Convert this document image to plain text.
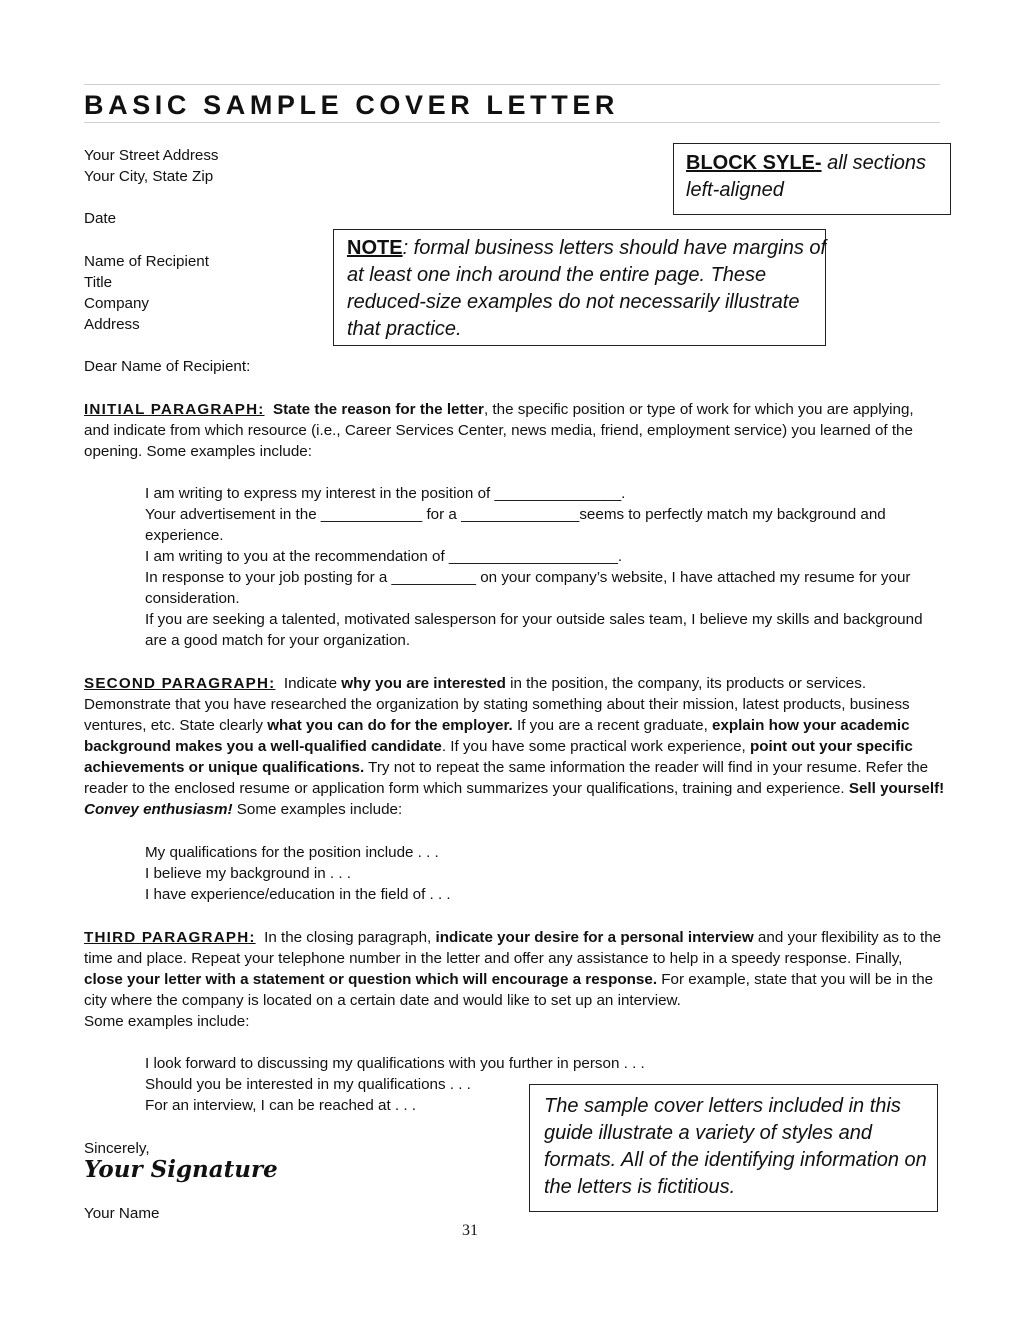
BASIC SAMPLE COVER LETTER
Your Street Address
Your City, State Zip
Date
Name of Recipient
Title
Company
Address
Dear Name of Recipient:
BLOCK SYLE- all sections
left-aligned
NOTE: formal business letters should have margins of
at least one inch around the entire page. These
reduced-size examples do not necessarily illustrate
that practice.
INITIAL PARAGRAPH: State the reason for the letter, the specific position or type of work for which you are applying,
and indicate from which resource (i.e., Career Services Center, news media, friend, employment service) you learned of the
opening. Some examples include:
I am writing to express my interest in the position of _______________.
Your advertisement in the ____________ for a ______________seems to perfectly match my background and
experience.
I am writing to you at the recommendation of ____________________.
In response to your job posting for a __________ on your company’s website, I have attached my resume for your
consideration.
If you are seeking a talented, motivated salesperson for your outside sales team, I believe my skills and background
are a good match for your organization.
SECOND PARAGRAPH: Indicate why you are interested in the position, the company, its products or services.
Demonstrate that you have researched the organization by stating something about their mission, latest products, business
ventures, etc. State clearly what you can do for the employer. If you are a recent graduate, explain how your academic
background makes you a well-qualified candidate. If you have some practical work experience, point out your specific
achievements or unique qualifications. Try not to repeat the same information the reader will find in your resume. Refer the
reader to the enclosed resume or application form which summarizes your qualifications, training and experience. Sell yourself!
Convey enthusiasm! Some examples include:
My qualifications for the position include . . .
I believe my background in . . .
I have experience/education in the field of . . .
THIRD PARAGRAPH: In the closing paragraph, indicate your desire for a personal interview and your flexibility as to the
time and place. Repeat your telephone number in the letter and offer any assistance to help in a speedy response. Finally,
close your letter with a statement or question which will encourage a response. For example, state that you will be in the
city where the company is located on a certain date and would like to set up an interview.
Some examples include:
I look forward to discussing my qualifications with you further in person . . .
Should you be interested in my qualifications . . .
For an interview, I can be reached at . . .	The sample cover letters included in this
guide illustrate a variety of styles and
formats. All of the identifying information on
the letters is fictitious.
Sincerely,
Your Signature
Your Name
31
